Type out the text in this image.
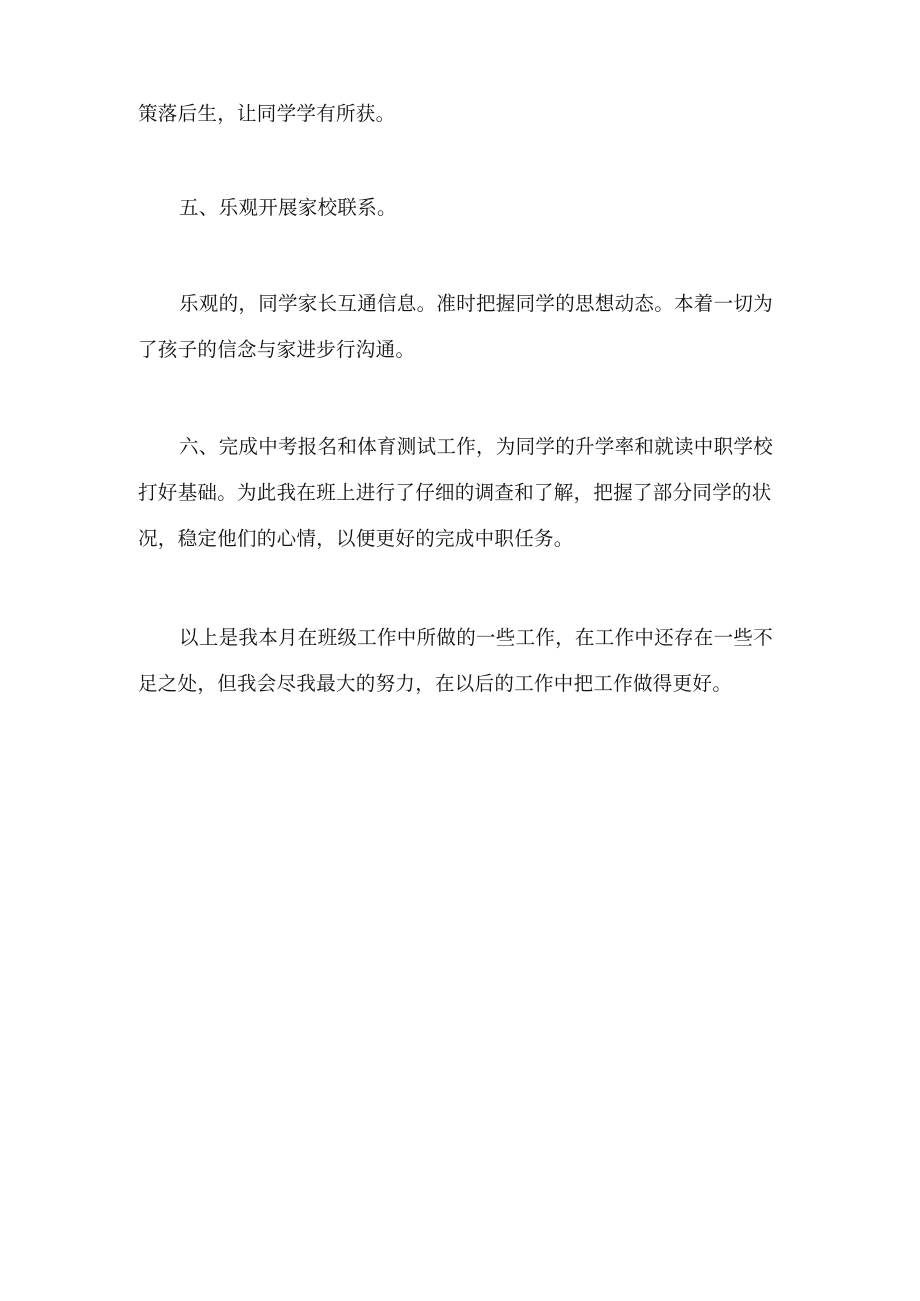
策落后生，让同学学有所获。
五、乐观开展家校联系。
乐观的，同学家长互通信息。准时把握同学的思想动态。本着一切为
了孩子的信念与家进步行沟通。
六、完成中考报名和体育测试工作，为同学的升学率和就读中职学校
打好基础。为此我在班上进行了仔细的调查和了解，把握了部分同学的状
况，稳定他们的心情，以便更好的完成中职任务。
以上是我本月在班级工作中所做的一些工作，在工作中还存在一些不
足之处，但我会尽我最大的努力，在以后的工作中把工作做得更好。
